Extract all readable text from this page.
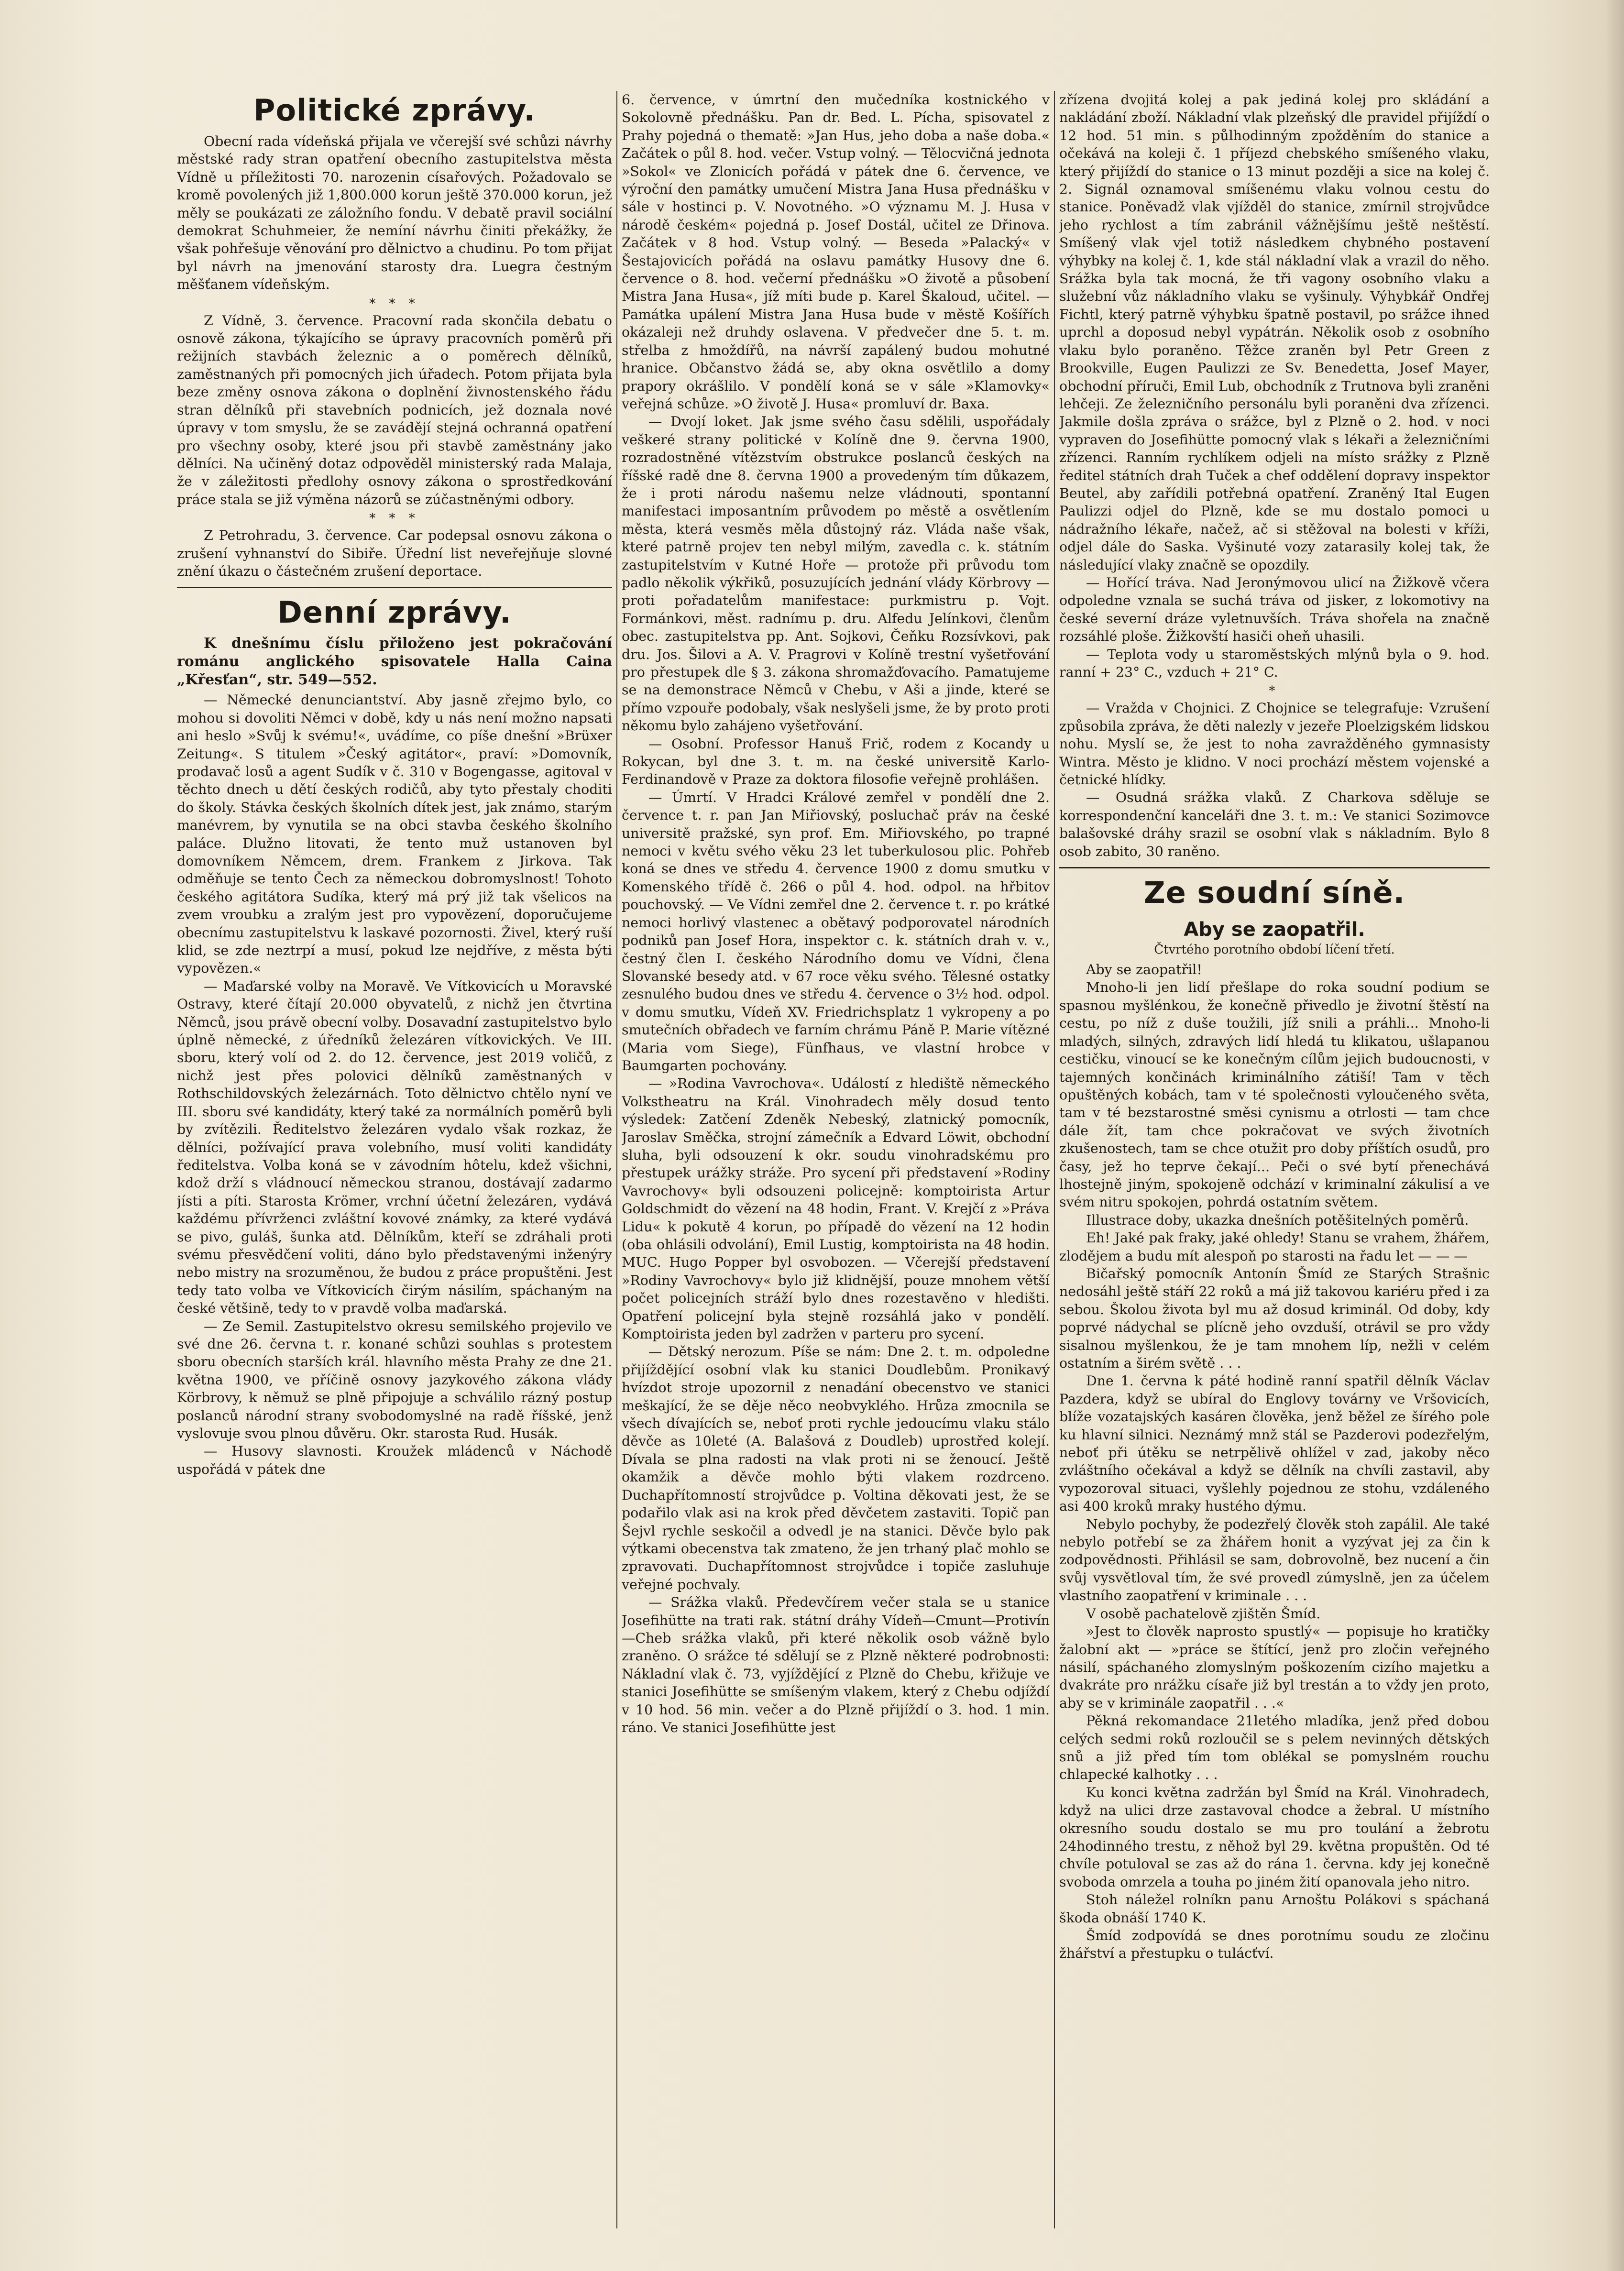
Politické zprávy.

Obecní rada vídeňská přijala ve včerejší své schůzi návrhy městské rady stran opatření obecního zastupitelstva města Vídně u příležitosti 70. narozenin císařových. Požadovalo se kromě povolených již 1,800.000 korun ještě 370.000 korun, jež měly se poukázati ze záložního fondu. V debatě pravil sociální demokrat Schuhmeier, že nemíní návrhu činiti překážky, že však pohřešuje věnování pro dělnictvo a chudinu. Po tom přijat byl návrh na jmenování starosty dra. Luegra čestným měšťanem vídeňským.

* * *

Z Vídně, 3. července. Pracovní rada skončila debatu o osnově zákona, týkajícího se úpravy pracovních poměrů při režijních stavbách železnic a o poměrech dělníků, zaměstnaných při pomocných jich úřadech. Potom přijata byla beze změny osnova zákona o doplnění živnostenského řádu stran dělníků při stavebních podnicích, jež doznala nové úpravy v tom smyslu, že se zavádějí stejná ochranná opatření pro všechny osoby, které jsou při stavbě zaměstnány jako dělníci. Na učiněný dotaz odpověděl ministerský rada Malaja, že v záležitosti předlohy osnovy zákona o sprostředkování práce stala se již výměna názorů se zúčastněnými odbory.

* * *

Z Petrohradu, 3. července. Car podepsal osnovu zákona o zrušení vyhnanství do Sibiře. Úřední list neveřejňuje slovné znění úkazu o částečném zrušení deportace.

Denní zprávy.

K dnešnímu číslu přiloženo jest pokračování románu anglického spisovatele Halla Caina „Křesťan“, str. 549—552.

— Německé denunciantství. Aby jasně zřejmo bylo, co mohou si dovoliti Němci v době, kdy u nás není možno napsati ani heslo »Svůj k svému!«, uvádíme, co píše dnešní »Brüxer Zeitung«. S titulem »Český agitátor«, praví: »Domovník, prodavač losů a agent Sudík v č. 310 v Bogengasse, agitoval v těchto dnech u dětí českých rodičů, aby tyto přestaly choditi do školy. Stávka českých školních dítek jest, jak známo, starým manévrem, by vynutila se na obci stavba českého školního paláce. Dlužno litovati, že tento muž ustanoven byl domovníkem Němcem, drem. Frankem z Jirkova. Tak odměňuje se tento Čech za německou dobromyslnost! Tohoto českého agitátora Sudíka, který má prý již tak všelicos na zvem vroubku a zralým jest pro vypovězení, doporučujeme obecnímu zastupitelstvu k laskavé pozornosti. Živel, který ruší klid, se zde neztrpí a musí, pokud lze nejdříve, z města býti vypovězen.«

— Maďarské volby na Moravě. Ve Vítkovicích u Moravské Ostravy, které čítají 20.000 obyvatelů, z nichž jen čtvrtina Němců, jsou právě obecní volby. Dosavadní zastupitelstvo bylo úplně německé, z úředníků železáren vítkovických. Ve III. sboru, který volí od 2. do 12. července, jest 2019 voličů, z nichž jest přes polovici dělníků zaměstnaných v Rothschildovských železárnách. Toto dělnictvo chtělo nyní ve III. sboru své kandidáty, který také za normálních poměrů byli by zvítězili. Ředitelstvo železáren vydalo však rozkaz, že dělníci, požívající prava volebního, musí voliti kandidáty ředitelstva. Volba koná se v závodním hôtelu, kdež všichni, kdož drží s vládnoucí německou stranou, dostávají zadarmo jísti a píti. Starosta Krömer, vrchní účetní železáren, vydává každému přívrženci zvláštní kovové známky, za které vydává se pivo, guláš, šunka atd. Dělníkům, kteří se zdráhali proti svému přesvědčení voliti, dáno bylo představenými inženýry nebo mistry na srozuměnou, že budou z práce propuštěni. Jest tedy tato volba ve Vítkovicích čirým násilím, spáchaným na české většině, tedy to v pravdě volba maďarská.

— Ze Semil. Zastupitelstvo okresu semilského projevilo ve své dne 26. června t. r. konané schůzi souhlas s protestem sboru obecních starších král. hlavního města Prahy ze dne 21. května 1900, ve příčině osnovy jazykového zákona vlády Körbrovy, k němuž se plně připojuje a schválilo rázný postup poslanců národní strany svobodomyslné na radě říšské, jenž vyslovuje svou plnou důvěru. Okr. starosta Rud. Husák.

— Husovy slavnosti. Kroužek mládenců v Náchodě uspořádá v pátek dne

6. července, v úmrtní den mučedníka kostnického v Sokolovně přednášku. Pan dr. Bed. L. Pícha, spisovatel z Prahy pojedná o thematě: »Jan Hus, jeho doba a naše doba.« Začátek o půl 8. hod. večer. Vstup volný. — Tělocvičná jednota »Sokol« ve Zlonicích pořádá v pátek dne 6. července, ve výroční den památky umučení Mistra Jana Husa přednášku v sále v hostinci p. V. Novotného. »O významu M. J. Husa v národě českém« pojedná p. Josef Dostál, učitel ze Dřinova. Začátek v 8 hod. Vstup volný. — Beseda »Palacký« v Šestajovicích pořádá na oslavu památky Husovy dne 6. července o 8. hod. večerní přednášku »O životě a působení Mistra Jana Husa«, jíž míti bude p. Karel Škaloud, učitel. — Památka upálení Mistra Jana Husa bude v městě Košířích okázaleji než druhdy oslavena. V předvečer dne 5. t. m. střelba z hmoždířů, na návrší zapálený budou mohutné hranice. Občanstvo žádá se, aby okna osvětlilo a domy prapory okrášlilo. V pondělí koná se v sále »Klamovky« veřejná schůze. »O životě J. Husa« promluví dr. Baxa.

— Dvojí loket. Jak jsme svého času sdělili, uspořádaly veškeré strany politické v Kolíně dne 9. června 1900, rozradostněné vítězstvím obstrukce poslanců českých na říšské radě dne 8. června 1900 a provedeným tím důkazem, že i proti národu našemu nelze vládnouti, spontanní manifestaci imposantním průvodem po městě a osvětlením města, která vesměs měla důstojný ráz. Vláda naše však, které patrně projev ten nebyl milým, zavedla c. k. státním zastupitelstvím v Kutné Hoře — protože při průvodu tom padlo několik výkřiků, posuzujících jednání vlády Körbrovy — proti pořadatelům manifestace: purkmistru p. Vojt. Formánkovi, měst. radnímu p. dru. Alfedu Jelínkovi, členům obec. zastupitelstva pp. Ant. Sojkovi, Čeňku Rozsívkovi, pak dru. Jos. Šilovi a A. V. Pragrovi v Kolíně trestní vyšetřování pro přestupek dle § 3. zákona shromažďovacího. Pamatujeme se na demonstrace Němců v Chebu, v Aši a jinde, které se přímo vzpouře podobaly, však neslyšeli jsme, že by proto proti někomu bylo zahájeno vyšetřování.

— Osobní. Professor Hanuš Frič, rodem z Kocandy u Rokycan, byl dne 3. t. m. na české universitě Karlo-Ferdinandově v Praze za doktora filosofie veřejně prohlášen.

— Úmrtí. V Hradci Králové zemřel v pondělí dne 2. července t. r. pan Jan Miřiovský, posluchač práv na české universitě pražské, syn prof. Em. Miřiovského, po trapné nemoci v květu svého věku 23 let tuberkulosou plic. Pohřeb koná se dnes ve středu 4. července 1900 z domu smutku v Komenského třídě č. 266 o půl 4. hod. odpol. na hřbitov pouchovský. — Ve Vídni zemřel dne 2. července t. r. po krátké nemoci horlivý vlastenec a obětavý podporovatel národních podniků pan Josef Hora, inspektor c. k. státních drah v. v., čestný člen I. českého Národního domu ve Vídni, člena Slovanské besedy atd. v 67 roce věku svého. Tělesné ostatky zesnulého budou dnes ve středu 4. července o 3½ hod. odpol. v domu smutku, Vídeň XV. Friedrichsplatz 1 vykropeny a po smutečních obřadech ve farním chrámu Páně P. Marie vítězné (Maria vom Siege), Fünfhaus, ve vlastní hrobce v Baumgarten pochovány.

— »Rodina Vavrochova«. Událostí z hlediště německého Volkstheatru na Král. Vinohradech měly dosud tento výsledek: Zatčení Zdeněk Nebeský, zlatnický pomocník, Jaroslav Směčka, strojní zámečník a Edvard Löwit, obchodní sluha, byli odsouzení k okr. soudu vinohradskému pro přestupek urážky stráže. Pro sycení při představení »Rodiny Vavrochovy« byli odsouzeni policejně: komptoirista Artur Goldschmidt do vězení na 48 hodin, Frant. V. Krejčí z »Práva Lidu« k pokutě 4 korun, po případě do vězení na 12 hodin (oba ohlásili odvolání), Emil Lustig, komptoirista na 48 hodin. MUC. Hugo Popper byl osvobozen. — Včerejší představení »Rodiny Vavrochovy« bylo již klidnější, pouze mnohem větší počet policejních stráží bylo dnes rozestavěno v hledišti. Opatření policejní byla stejně rozsáhlá jako v pondělí. Komptoirista jeden byl zadržen v parteru pro sycení.

— Dětský nerozum. Píše se nám: Dne 2. t. m. odpoledne přijíždějící osobní vlak ku stanici Doudlebům. Pronikavý hvízdot stroje upozornil z nenadání obecenstvo ve stanici meškající, že se děje něco neobvyklého. Hrůza zmocnila se všech dívajících se, neboť proti rychle jedoucímu vlaku stálo děvče as 10leté (A. Balašová z Doudleb) uprostřed kolejí. Dívala se plna radosti na vlak proti ni se ženoucí. Ještě okamžik a děvče mohlo býti vlakem rozdrceno. Duchapřítomností strojvůdce p. Voltina děkovati jest, že se podařilo vlak asi na krok před děvčetem zastaviti. Topič pan Šejvl rychle seskočil a odvedl je na stanici. Děvče bylo pak výtkami obecenstva tak zmateno, že jen trhaný plač mohlo se zpravovati. Duchapřítomnost strojvůdce i topiče zasluhuje veřejné pochvaly.

— Srážka vlaků. Předevčírem večer stala se u stanice Josefihütte na trati rak. státní dráhy Vídeň—Cmunt—Protivín—Cheb srážka vlaků, při které několik osob vážně bylo zraněno. O srážce té sdělují se z Plzně některé podrobnosti: Nákladní vlak č. 73, vyjíždějící z Plzně do Chebu, křižuje ve stanici Josefihütte se smíšeným vlakem, který z Chebu odjíždí v 10 hod. 56 min. večer a do Plzně přijíždí o 3. hod. 1 min. ráno. Ve stanici Josefihütte jest

zřízena dvojitá kolej a pak jediná kolej pro skládání a nakládání zboží. Nákladní vlak plzeňský dle pravidel přijíždí o 12 hod. 51 min. s půlhodinným zpožděním do stanice a očekává na koleji č. 1 příjezd chebského smíšeného vlaku, který přijíždí do stanice o 13 minut později a sice na kolej č. 2. Signál oznamoval smíšenému vlaku volnou cestu do stanice. Poněvadž vlak vjížděl do stanice, zmírnil strojvůdce jeho rychlost a tím zabránil vážnějšímu ještě neštěstí. Smíšený vlak vjel totiž následkem chybného postavení výhybky na kolej č. 1, kde stál nákladní vlak a vrazil do něho. Srážka byla tak mocná, že tři vagony osobního vlaku a služební vůz nákladního vlaku se vyšinuly. Výhybkář Ondřej Fichtl, který patrně výhybku špatně postavil, po srážce ihned uprchl a doposud nebyl vypátrán. Několik osob z osobního vlaku bylo poraněno. Těžce zraněn byl Petr Green z Brookville, Eugen Paulizzi ze Sv. Benedetta, Josef Mayer, obchodní příruči, Emil Lub, obchodník z Trutnova byli zraněni lehčeji. Ze železničního personálu byli poraněni dva zřízenci. Jakmile došla zpráva o srážce, byl z Plzně o 2. hod. v noci vypraven do Josefihütte pomocný vlak s lékaři a železničními zřízenci. Ranním rychlíkem odjeli na místo srážky z Plzně ředitel státních drah Tuček a chef oddělení dopravy inspektor Beutel, aby zařídili potřebná opatření. Zraněný Ital Eugen Paulizzi odjel do Plzně, kde se mu dostalo pomoci u nádražního lékaře, načež, ač si stěžoval na bolesti v kříži, odjel dále do Saska. Vyšinuté vozy zatarasily kolej tak, že následující vlaky značně se opozdily.

— Hořící tráva. Nad Jeronýmovou ulicí na Žižkově včera odpoledne vznala se suchá tráva od jisker, z lokomotivy na české severní dráze vyletnuvších. Tráva shořela na značně rozsáhlé ploše. Žižkovští hasiči oheň uhasili.

— Teplota vody u staroměstských mlýnů byla o 9. hod. ranní + 23° C., vzduch + 21° C.

*

— Vražda v Chojnici. Z Chojnice se telegrafuje: Vzrušení způsobila zpráva, že děti nalezly v jezeře Ploelzigském lidskou nohu. Myslí se, že jest to noha zavražděného gymnasisty Wintra. Město je klidno. V noci prochází městem vojenské a četnické hlídky.

— Osudná srážka vlaků. Z Charkova sděluje se korrespondenční kanceláři dne 3. t. m.: Ve stanici Sozimovce balašovské dráhy srazil se osobní vlak s nákladním. Bylo 8 osob zabito, 30 raněno.

Ze soudní síně.
Aby se zaopatřil.
Čtvrtého porotního období líčení třetí.

Aby se zaopatřil!

Mnoho-li jen lidí přešlape do roka soudní podium se spasnou myšlénkou, že konečně přivedlo je životní štěstí na cestu, po níž z duše toužili, jíž snili a práhli... Mnoho-li mladých, silných, zdravých lidí hledá tu klikatou, ušlapanou cestičku, vinoucí se ke konečným cílům jejich budoucnosti, v tajemných končinách kriminálního zátiší! Tam v těch opuštěných kobách, tam v té společnosti vyloučeného světa, tam v té bezstarostné směsi cynismu a otrlosti — tam chce dále žít, tam chce pokračovat ve svých životních zkušenostech, tam se chce otužit pro doby příštích osudů, pro časy, jež ho teprve čekají... Peči o své bytí přenechává lhostejně jiným, spokojeně odchází v kriminalní zákulisí a ve svém nitru spokojen, pohrdá ostatním světem.

Illustrace doby, ukazka dnešních potěšitelných poměrů.

Eh! Jaké pak fraky, jaké ohledy! Stanu se vrahem, žhářem, zlodějem a budu mít alespoň po starosti na řadu let — — —

Bičařský pomocník Antonín Šmíd ze Starých Strašnic nedosáhl ještě stáří 22 roků a má již takovou kariéru před i za sebou. Školou života byl mu až dosud kriminál. Od doby, kdy poprvé nádychal se plícně jeho ovzduší, otrávil se pro vždy sisalnou myšlenkou, že je tam mnohem líp, nežli v celém ostatním a širém světě . . .

Dne 1. června k páté hodině ranní spatřil dělník Václav Pazdera, když se ubíral do Englovy továrny ve Vršovicích, blíže vozatajských kasáren člověka, jenž běžel ze šírého pole ku hlavní silnici. Neznámý mnž stál se Pazderovi podezřelým, neboť při útěku se netrpělivě ohlížel v zad, jakoby něco zvláštního očekával a když se dělník na chvíli zastavil, aby vypozoroval situaci, vyšlehly pojednou ze stohu, vzdáleného asi 400 kroků mraky hustého dýmu.

Nebylo pochyby, že podezřelý člověk stoh zapálil. Ale také nebylo potřebí se za žhářem honit a vyzývat jej za čin k zodpovědnosti. Přihlásil se sam, dobrovolně, bez nucení a čin svůj vysvětloval tím, že své provedl zúmyslně, jen za účelem vlastního zaopatření v kriminale . . .

V osobě pachatelově zjištěn Šmíd.

»Jest to člověk naprosto spustlý« — popisuje ho kratičky žalobní akt — »práce se štítící, jenž pro zločin veřejného násilí, spáchaného zlomyslným poškozením cizího majetku a dvakráte pro nrážku císaře již byl trestán a to vždy jen proto, aby se v kriminále zaopatřil . . .«

Pěkná rekomandace 21letého mladíka, jenž před dobou celých sedmi roků rozloučil se s pelem nevinných dětských snů a již před tím tom oblékal se pomyslném rouchu chlapecké kalhotky . . .

Ku konci května zadržán byl Šmíd na Král. Vinohradech, když na ulici drze zastavoval chodce a žebral. U místního okresního soudu dostalo se mu pro toulání a žebrotu 24hodinného trestu, z něhož byl 29. května propuštěn. Od té chvíle potuloval se zas až do rána 1. června. kdy jej konečně svoboda omrzela a touha po jiném žití opanovala jeho nitro.

Stoh náležel rolníkn panu Arnoštu Polákovi s spáchaná škoda obnáší 1740 K.

Šmíd zodpovídá se dnes porotnímu soudu ze zločinu žhářství a přestupku o tulácťví.
